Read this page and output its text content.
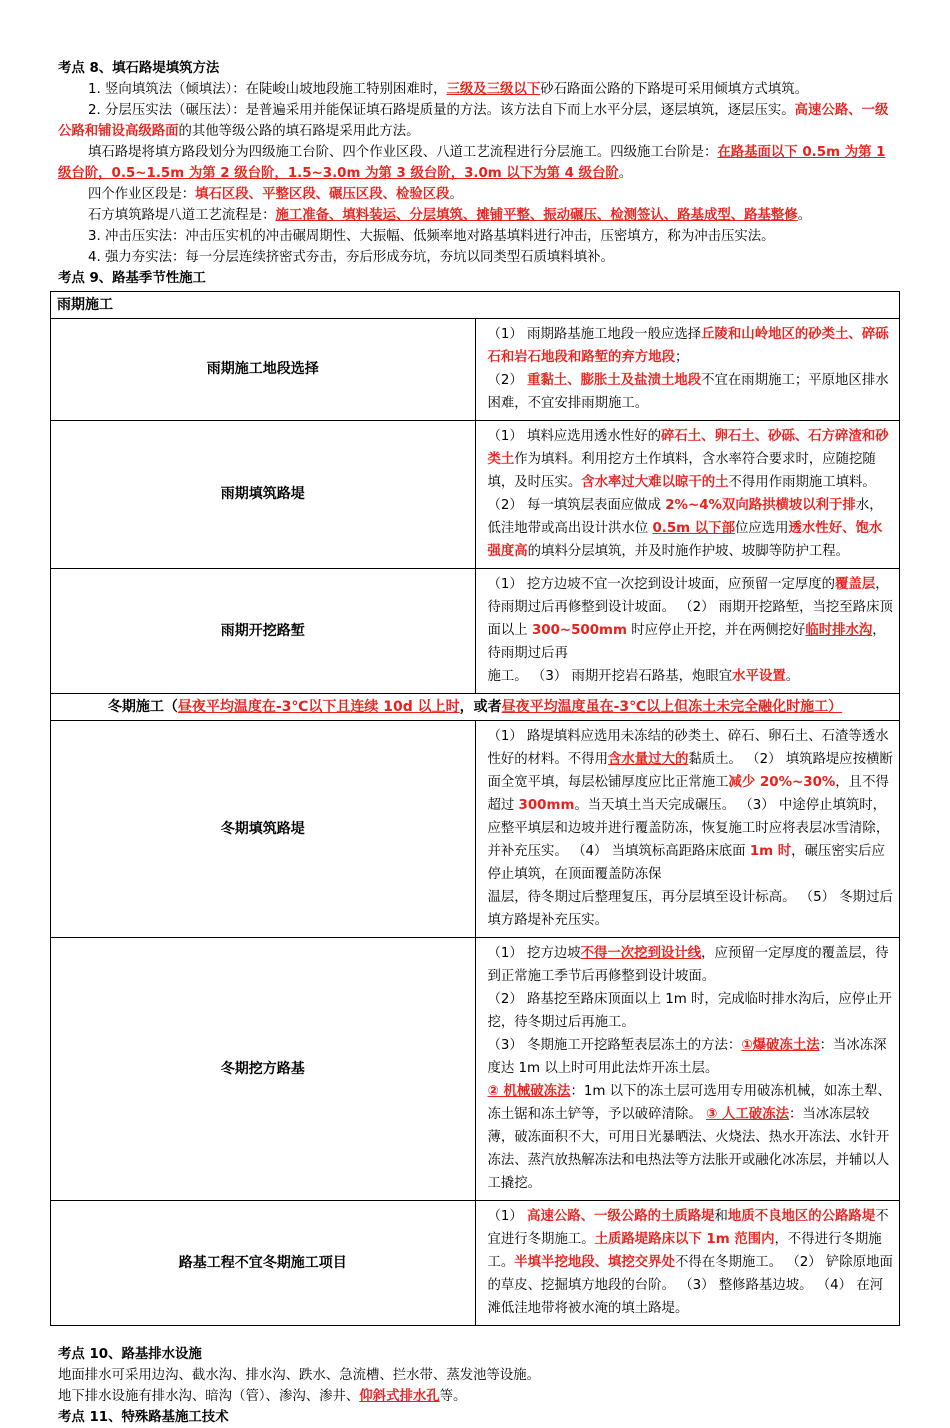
考点 8、填石路堤填筑方法
1. 竖向填筑法（倾填法）：在陡峻山坡地段施工特别困难时，三级及三级以下砂石路面公路的下路堤可采用倾填方式填筑。
2. 分层压实法（碾压法）：是普遍采用并能保证填石路堤质量的方法。该方法自下而上水平分层，逐层填筑，逐层压实。高速公路、一级公路和铺设高级路面的其他等级公路的填石路堤采用此方法。
填石路堤将填方路段划分为四级施工台阶、四个作业区段、八道工艺流程进行分层施工。四级施工台阶是：在路基面以下 0.5m 为第 1 级台阶，0.5~1.5m 为第 2 级台阶，1.5~3.0m 为第 3 级台阶，3.0m 以下为第 4 级台阶。
四个作业区段是：填石区段、平整区段、碾压区段、检验区段。
石方填筑路堤八道工艺流程是：施工准备、填料装运、分层填筑、摊铺平整、振动碾压、检测签认、路基成型、路基整修。
3. 冲击压实法：冲击压实机的冲击碾周期性、大振幅、低频率地对路基填料进行冲击，压密填方，称为冲击压实法。
4. 强力夯实法：每一分层连续挤密式夯击，夯后形成夯坑，夯坑以同类型石质填料填补。
考点 9、路基季节性施工
雨期施工	
雨期施工地段选择	（1） 雨期路基施工地段一般应选择丘陵和山岭地区的砂类土、碎砾石和岩石地段和路堑的弃方地段；
（2） 重黏土、膨胀土及盐渍土地段不宜在雨期施工；平原地区排水困难，不宜安排雨期施工。

雨期填筑路堤	（1） 填料应选用透水性好的碎石土、卵石土、砂砾、石方碎渣和砂类土作为填料。利用挖方土作填料，含水率符合要求时，应随挖随填，及时压实。含水率过大难以晾干的土不得用作雨期施工填料。
（2） 每一填筑层表面应做成 2%~4%双向路拱横坡以利于排水，低洼地带或高出设计洪水位 0.5m 以下部位应选用透水性好、饱水强度高的填料分层填筑，并及时施作护坡、坡脚等防护工程。

雨期开挖路堑	（1） 挖方边坡不宜一次挖到设计坡面，应预留一定厚度的覆盖层，待雨期过后再修整到设计坡面。 （2） 雨期开挖路堑，当挖至路床顶面以上 300~500mm 时应停止开挖，并在两侧挖好临时排水沟，待雨期过后再
施工。 （3） 雨期开挖岩石路基，炮眼宜水平设置。

冬期施工（昼夜平均温度在-3℃以下且连续 10d 以上时，或者昼夜平均温度虽在-3℃以上但冻土未完全融化时施工）	
冬期填筑路堤	（1） 路堤填料应选用未冻结的砂类土、碎石、卵石土、石渣等透水性好的材料。不得用含水量过大的黏质土。 （2） 填筑路堤应按横断面全宽平填，每层松铺厚度应比正常施工减少 20%~30%，且不得超过 300mm。当天填土当天完成碾压。 （3） 中途停止填筑时，应整平填层和边坡并进行覆盖防冻，恢复施工时应将表层冰雪清除，并补充压实。 （4） 当填筑标高距路床底面 1m 时，碾压密实后应停止填筑，在顶面覆盖防冻保
温层，待冬期过后整理复压，再分层填至设计标高。 （5） 冬期过后填方路堤补充压实。

冬期挖方路基	（1） 挖方边坡不得一次挖到设计线，应预留一定厚度的覆盖层，待到正常施工季节后再修整到设计坡面。
（2） 路基挖至路床顶面以上 1m 时，完成临时排水沟后，应停止开挖，待冬期过后再施工。
（3） 冬期施工开挖路堑表层冻土的方法：①爆破冻土法：当冰冻深度达 1m 以上时可用此法炸开冻土层。
② 机械破冻法：1m 以下的冻土层可选用专用破冻机械，如冻土犁、冻土锯和冻土铲等，予以破碎清除。 ③ 人工破冻法：当冰冻层较薄，破冻面积不大，可用日光暴晒法、火烧法、热水开冻法、水针开冻法、蒸汽放热解冻法和电热法等方法胀开或融化冰冻层，并辅以人工撬挖。

路基工程不宜冬期施工项目	（1） 高速公路、一级公路的土质路堤和地质不良地区的公路路堤不宜进行冬期施工。土质路堤路床以下 1m 范围内，不得进行冬期施工。半填半挖地段、填挖交界处不得在冬期施工。 （2） 铲除原地面的草皮、挖掘填方地段的台阶。 （3） 整修路基边坡。 （4） 在河滩低洼地带将被水淹的填土路堤。
考点 10、路基排水设施
地面排水可采用边沟、截水沟、排水沟、跌水、急流槽、拦水带、蒸发池等设施。
地下排水设施有排水沟、暗沟（管）、渗沟、渗井、仰斜式排水孔等。
考点 11、特殊路基施工技术
